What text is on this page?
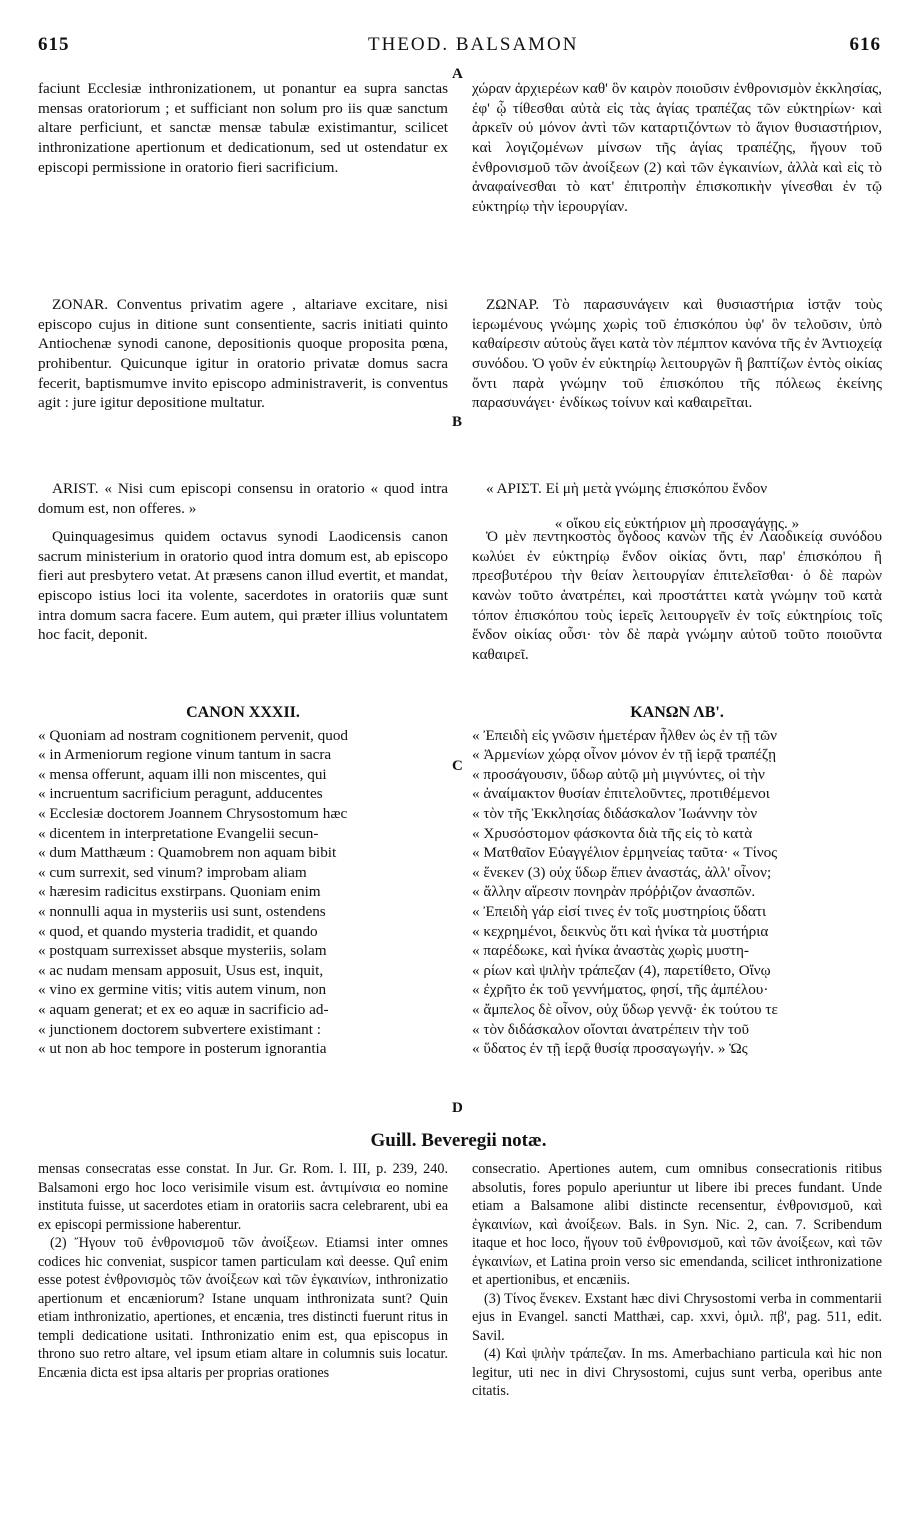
615	THEOD. BALSAMON	616
A
B
C
D

faciunt Ecclesiæ inthronizationem, ut ponantur ea supra sanctas mensas oratoriorum ; et sufficiant non solum pro iis quæ sanctum altare perficiunt, et sanctæ mensæ tabulæ existimantur, scilicet inthronizatione apertionum et dedicationum, sed ut ostendatur ex episcopi permissione in oratorio fieri sacrificium.

ZONAR. Conventus privatim agere , altariave excitare, nisi episcopo cujus in ditione sunt consentiente, sacris initiati quinto Antiochenæ synodi canone, depositionis quoque proposita pœna, prohibentur. Quicunque igitur in oratorio privatæ domus sacra fecerit, baptismumve invito episcopo administraverit, is conventus agit : jure igitur depositione multatur.

ARIST. « Nisi cum episcopi consensu in oratorio « quod intra domum est, non offeres. »

Quinquagesimus quidem octavus synodi Laodicensis canon sacrum ministerium in oratorio quod intra domum est, ab episcopo fieri aut presbytero vetat. At præsens canon illud evertit, et mandat, episcopo istius loci ita volente, sacerdotes in oratoriis quæ sunt intra domum sacra facere. Eum autem, qui præter illius voluntatem hoc facit, deponit.

CANON XXXII.
« Quoniam ad nostram cognitionem pervenit, quod
« in Armeniorum regione vinum tantum in sacra
« mensa offerunt, aquam illi non miscentes, qui
« incruentum sacrificium peragunt, adducentes
« Ecclesiæ doctorem Joannem Chrysostomum hæc
« dicentem in interpretatione Evangelii secun-
« dum Matthæum : Quamobrem non aquam bibit
« cum surrexit, sed vinum? improbam aliam
« hæresim radicitus exstirpans. Quoniam enim
« nonnulli aqua in mysteriis usi sunt, ostendens
« quod, et quando mysteria tradidit, et quando
« postquam surrexisset absque mysteriis, solam
« ac nudam mensam apposuit, Usus est, inquit,
« vino ex germine vitis; vitis autem vinum, non
« aquam generat; et ex eo aquæ in sacrificio ad-
« junctionem doctorem subvertere existimant :
« ut non ab hoc tempore in posterum ignorantia

χώραν ἀρχιερέων καθ' ὃν καιρὸν ποιοῦσιν ἐνθρονισμὸν ἐκκλησίας, ἐφ' ᾧ τίθεσθαι αὐτὰ εἰς τὰς ἁγίας τραπέζας τῶν εὐκτηρίων· καὶ ἀρκεῖν οὐ μόνον ἀντὶ τῶν καταρτιζόντων τὸ ἅγιον θυσιαστήριον, καὶ λογιζομένων μίνσων τῆς ἁγίας τραπέζης, ἤγουν τοῦ ἐνθρονισμοῦ τῶν ἀνοίξεων (2) καὶ τῶν ἐγκαινίων, ἀλλὰ καὶ εἰς τὸ ἀναφαίνεσθαι τὸ κατ' ἐπιτροπὴν ἐπισκοπικὴν γίνεσθαι ἐν τῷ εὐκτηρίῳ τὴν ἱερουργίαν.

ΖΩΝΑΡ. Τὸ παρασυνάγειν καὶ θυσιαστήρια ἱστᾷν τοὺς ἱερωμένους γνώμης χωρὶς τοῦ ἐπισκόπου ὑφ' ὃν τελοῦσιν, ὑπὸ καθαίρεσιν αὐτοὺς ἄγει κατὰ τὸν πέμπτον κανόνα τῆς ἐν Ἀντιοχείᾳ συνόδου. Ὁ γοῦν ἐν εὐκτηρίῳ λειτουργῶν ἢ βαπτίζων ἐντὸς οἰκίας ὄντι παρὰ γνώμην τοῦ ἐπισκόπου τῆς πόλεως ἐκείνης παρασυνάγει· ἐνδίκως τοίνυν καὶ καθαιρεῖται.

« ΑΡΙΣΤ. Εἰ μὴ μετὰ γνώμης ἐπισκόπου ἔνδον

« οἴκου εἰς εὐκτήριον μὴ προσαγάγῃς. »

Ὁ μὲν πεντηκοστὸς ὄγδοος κανὼν τῆς ἐν Λαοδικείᾳ συνόδου κωλύει ἐν εὐκτηρίῳ ἔνδον οἰκίας ὄντι, παρ' ἐπισκόπου ἢ πρεσβυτέρου τὴν θείαν λειτουργίαν ἐπιτελεῖσθαι· ὁ δὲ παρὼν κανὼν τοῦτο ἀνατρέπει, καὶ προστάττει κατὰ γνώμην τοῦ κατὰ τόπον ἐπισκόπου τοὺς ἱερεῖς λειτουργεῖν ἐν τοῖς εὐκτηρίοις τοῖς ἔνδον οἰκίας οὖσι· τὸν δὲ παρὰ γνώμην αὐτοῦ τοῦτο ποιοῦντα καθαιρεῖ.

ΚΑΝΩΝ ΛΒ'.
« Ἐπειδὴ εἰς γνῶσιν ἡμετέραν ἦλθεν ὡς ἐν τῇ τῶν
« Ἀρμενίων χώρᾳ οἶνον μόνον ἐν τῇ ἱερᾷ τραπέζῃ
« προσάγουσιν, ὕδωρ αὐτῷ μὴ μιγνύντες, οἱ τὴν
« ἀναίμακτον θυσίαν ἐπιτελοῦντες, προτιθέμενοι
« τὸν τῆς Ἐκκλησίας διδάσκαλον Ἰωάννην τὸν
« Χρυσόστομον φάσκοντα διὰ τῆς εἰς τὸ κατὰ
« Ματθαῖον Εὐαγγέλιον ἑρμηνείας ταῦτα· « Τίνος
« ἕνεκεν (3) οὐχ ὕδωρ ἔπιεν ἀναστάς, ἀλλ' οἶνον;
« ἄλλην αἵρεσιν πονηρὰν πρόῤῥιζον ἀνασπῶν.
« Ἐπειδὴ γάρ εἰσί τινες ἐν τοῖς μυστηρίοις ὕδατι
« κεχρημένοι, δεικνὺς ὅτι καὶ ἡνίκα τὰ μυστήρια
« παρέδωκε, καὶ ἡνίκα ἀναστὰς χωρὶς μυστη-
« ρίων καὶ ψιλὴν τράπεζαν (4), παρετίθετο, Οἴνῳ
« ἐχρῆτο ἐκ τοῦ γεννήματος, φησί, τῆς ἀμπέλου·
« ἄμπελος δὲ οἶνον, οὐχ ὕδωρ γεννᾷ· ἐκ τούτου τε
« τὸν διδάσκαλον οἴονται ἀνατρέπειν τὴν τοῦ
« ὕδατος ἐν τῇ ἱερᾷ θυσίᾳ προσαγωγήν. » Ὡς
Guill. Beveregii notæ.

mensas consecratas esse constat. In Jur. Gr. Rom. l. III, p. 239, 240. Balsamoni ergo hoc loco verisimile visum est. ἀντιμίνσια eo nomine instituta fuisse, ut sacerdotes etiam in oratoriis sacra celebrarent, ubi ea ex episcopi permissione haberentur.

(2) Ἤγουν τοῦ ἐνθρονισμοῦ τῶν ἀνοίξεων. Etiamsi inter omnes codices hic conveniat, suspicor tamen particulam καὶ deesse. Quî enim esse potest ἐνθρονισμὸς τῶν ἀνοίξεων καὶ τῶν ἐγκαινίων, inthronizatio apertionum et encæniorum? Istane unquam inthronizata sunt? Quin etiam inthronizatio, apertiones, et encænia, tres distincti fuerunt ritus in templi dedicatione usitati. Inthronizatio enim est, qua episcopus in throno suo retro altare, vel ipsum etiam altare in columnis suis locatur. Encænia dicta est ipsa altaris per proprias orationes

consecratio. Apertiones autem, cum omnibus consecrationis ritibus absolutis, fores populo aperiuntur ut libere ibi preces fundant. Unde etiam a Balsamone alibi distincte recensentur, ἐνθρονισμοῦ, καὶ ἐγκαινίων, καὶ ἀνοίξεων. Bals. in Syn. Nic. 2, can. 7. Scribendum itaque et hoc loco, ἤγουν τοῦ ἐνθρονισμοῦ, καὶ τῶν ἀνοίξεων, καὶ τῶν ἐγκαινίων, et Latina proin verso sic emendanda, scilicet inthronizatione et apertionibus, et encæniis.

(3) Τίνος ἕνεκεν. Exstant hæc divi Chrysostomi verba in commentarii ejus in Evangel. sancti Matthæi, cap. xxvi, ὁμιλ. πβ', pag. 511, edit. Savil.

(4) Καὶ ψιλὴν τράπεζαν. In ms. Amerbachiano particula καὶ hic non legitur, uti nec in divi Chrysostomi, cujus sunt verba, operibus ante citatis.
